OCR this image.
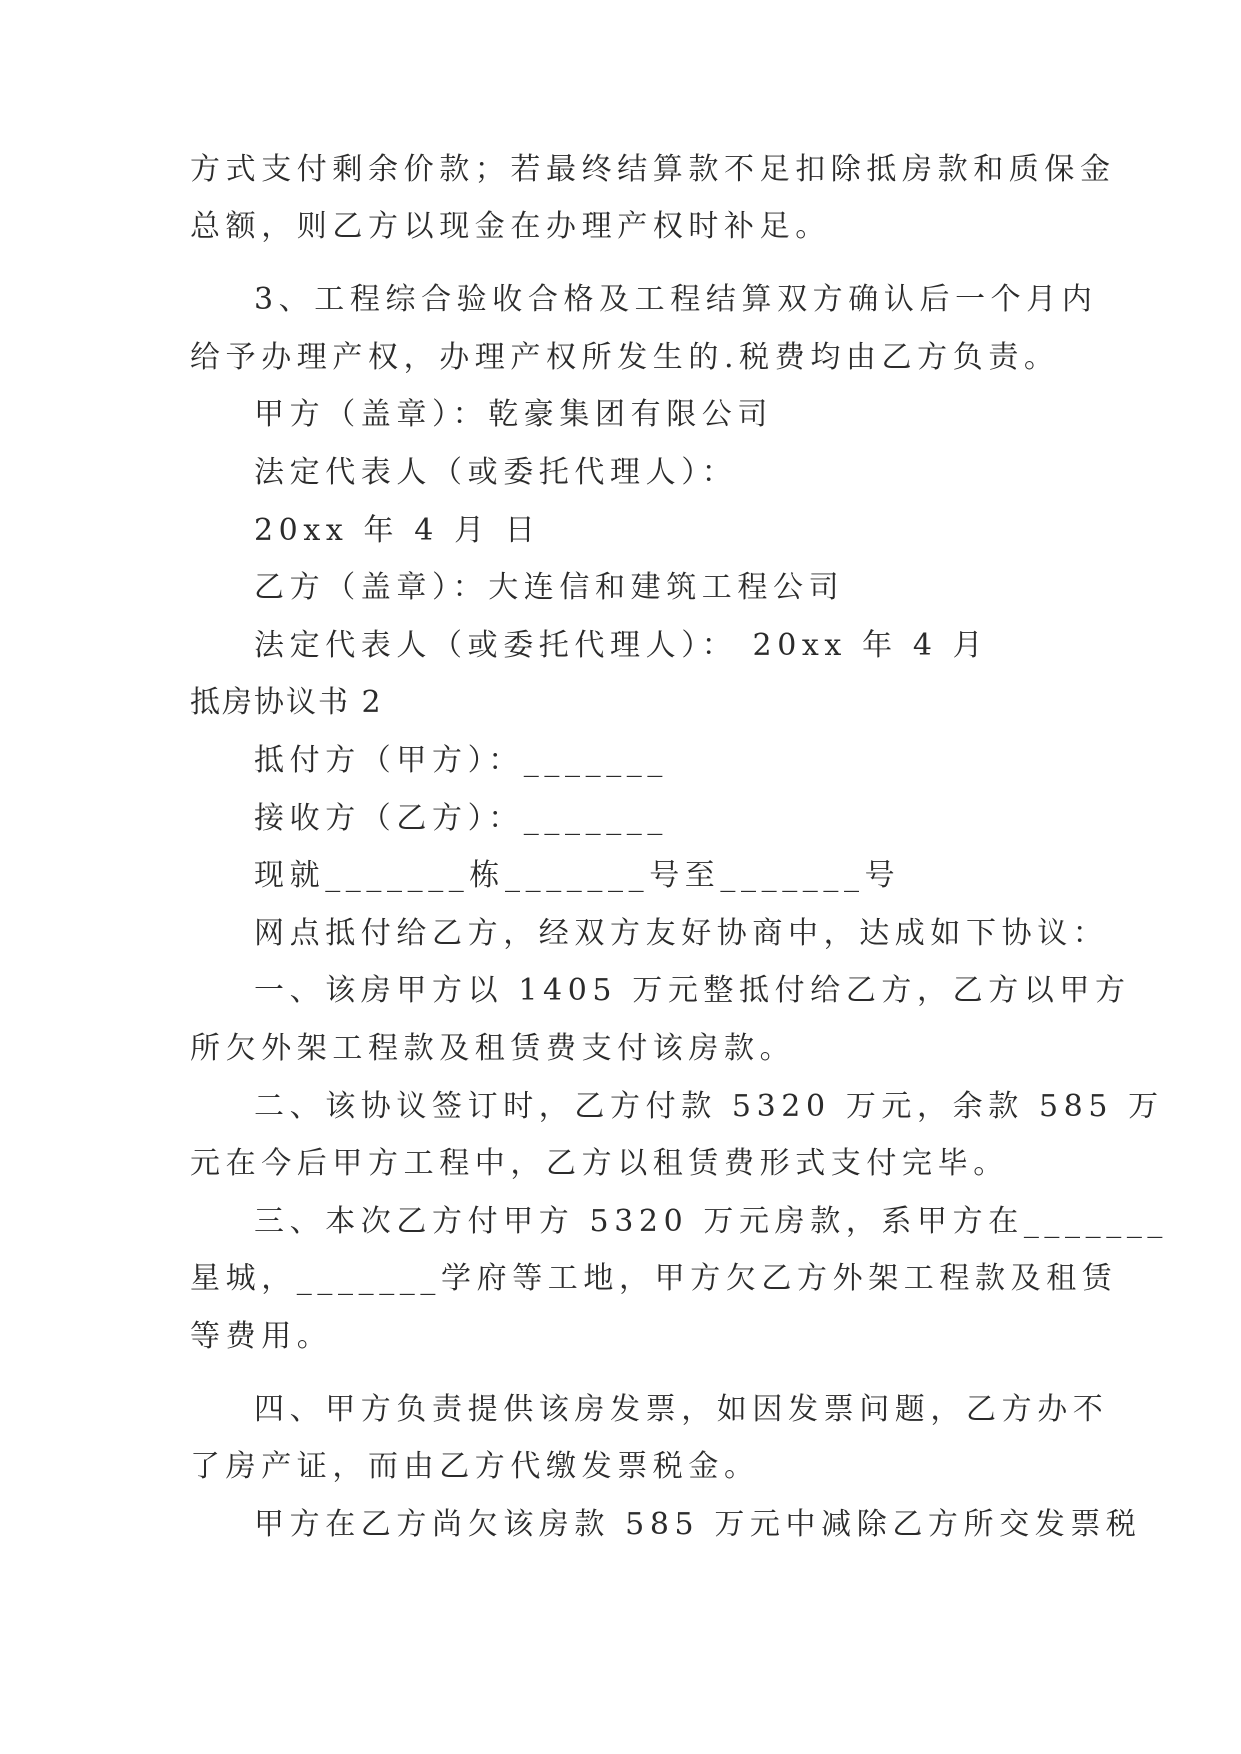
方式支付剩余价款；若最终结算款不足扣除抵房款和质保金
总额，则乙方以现金在办理产权时补足。
3、工程综合验收合格及工程结算双方确认后一个月内
给予办理产权，办理产权所发生的.税费均由乙方负责。
甲方（盖章）：乾豪集团有限公司
法定代表人（或委托代理人）：
20xx 年 4 月 日
乙方（盖章）：大连信和建筑工程公司
法定代表人（或委托代理人）： 20xx 年 4 月
抵房协议书 2
抵付方（甲方）：_______
接收方（乙方）：_______
现就_______栋_______号至_______号
网点抵付给乙方，经双方友好协商中，达成如下协议：
一、该房甲方以 1405 万元整抵付给乙方，乙方以甲方
所欠外架工程款及租赁费支付该房款。
二、该协议签订时，乙方付款 5320 万元，余款 585 万
元在今后甲方工程中，乙方以租赁费形式支付完毕。
三、本次乙方付甲方 5320 万元房款，系甲方在_______
星城，_______学府等工地，甲方欠乙方外架工程款及租赁
等费用。
四、甲方负责提供该房发票，如因发票问题，乙方办不
了房产证，而由乙方代缴发票税金。
甲方在乙方尚欠该房款 585 万元中减除乙方所交发票税
